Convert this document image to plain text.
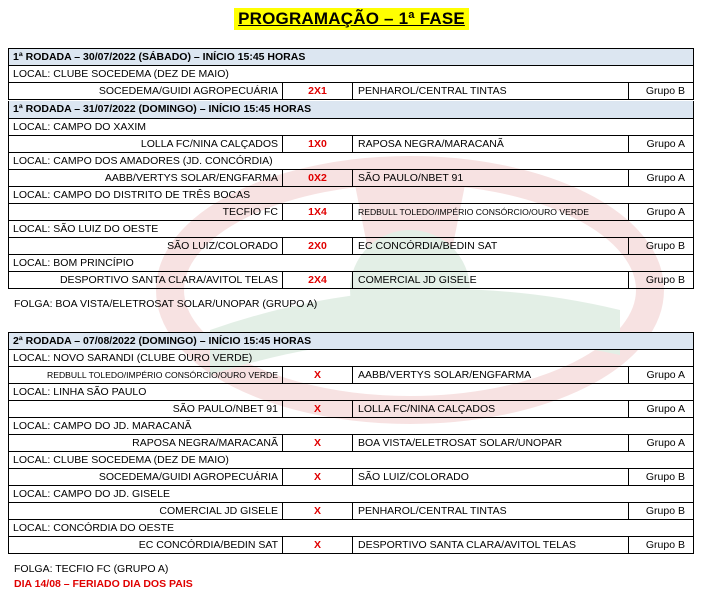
PROGRAMAÇÃO – 1ª FASE
1ª RODADA – 30/07/2022 (SÁBADO) – INÍCIO 15:45 HORAS
LOCAL: CLUBE SOCEDEMA (DEZ DE MAIO)
SOCEDEMA/GUIDI AGROPECUÁRIA	2X1	PENHAROL/CENTRAL TINTAS	Grupo B
1ª RODADA – 31/07/2022 (DOMINGO) – INÍCIO 15:45 HORAS
LOCAL: CAMPO DO XAXIM
LOLLA FC/NINA CALÇADOS	1X0	RAPOSA NEGRA/MARACANÃ	Grupo A
LOCAL: CAMPO DOS AMADORES (JD. CONCÓRDIA)
AABB/VERTYS SOLAR/ENGFARMA	0X2	SÃO PAULO/NBET 91	Grupo A
LOCAL: CAMPO DO DISTRITO DE TRÊS BOCAS
TECFIO FC	1X4	REDBULL TOLEDO/IMPÉRIO CONSÓRCIO/OURO VERDE	Grupo A
LOCAL: SÃO LUIZ DO OESTE
SÃO LUIZ/COLORADO	2X0	EC CONCÓRDIA/BEDIN SAT	Grupo B
LOCAL: BOM PRINCÍPIO
DESPORTIVO SANTA CLARA/AVITOL TELAS	2X4	COMERCIAL JD GISELE	Grupo B
FOLGA: BOA VISTA/ELETROSAT SOLAR/UNOPAR (GRUPO A)
2ª RODADA – 07/08/2022 (DOMINGO) – INÍCIO 15:45 HORAS
LOCAL: NOVO SARANDI (CLUBE OURO VERDE)
REDBULL TOLEDO/IMPÉRIO CONSÓRCIO/OURO VERDE	X	AABB/VERTYS SOLAR/ENGFARMA	Grupo A
LOCAL: LINHA SÃO PAULO
SÃO PAULO/NBET 91	X	LOLLA FC/NINA CALÇADOS	Grupo A
LOCAL: CAMPO DO JD. MARACANÃ
RAPOSA NEGRA/MARACANÃ	X	BOA VISTA/ELETROSAT SOLAR/UNOPAR	Grupo A
LOCAL: CLUBE SOCEDEMA (DEZ DE MAIO)
SOCEDEMA/GUIDI AGROPECUÁRIA	X	SÃO LUIZ/COLORADO	Grupo B
LOCAL: CAMPO DO JD. GISELE
COMERCIAL JD GISELE	X	PENHAROL/CENTRAL TINTAS	Grupo B
LOCAL: CONCÓRDIA DO OESTE
EC CONCÓRDIA/BEDIN SAT	X	DESPORTIVO SANTA CLARA/AVITOL TELAS	Grupo B
FOLGA: TECFIO FC (GRUPO A)
DIA 14/08 – FERIADO DIA DOS PAIS
